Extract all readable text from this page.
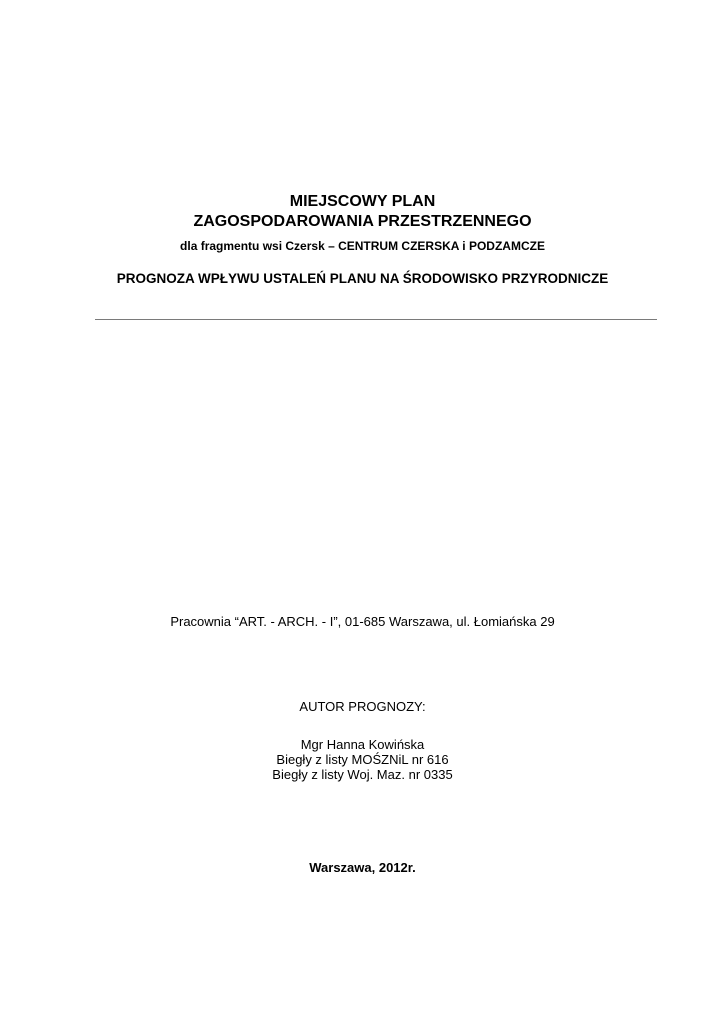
MIEJSCOWY PLAN
ZAGOSPODAROWANIA PRZESTRZENNEGO
dla fragmentu wsi Czersk – CENTRUM CZERSKA i PODZAMCZE
PROGNOZA WPŁYWU USTALEŃ PLANU NA ŚRODOWISKO PRZYRODNICZE
Pracownia “ART. - ARCH. - I”, 01-685 Warszawa, ul. Łomiańska 29
AUTOR PROGNOZY:
Mgr Hanna Kowińska
Biegły z listy MOŚZNiL nr 616
Biegły z listy Woj. Maz. nr 0335
Warszawa, 2012r.
